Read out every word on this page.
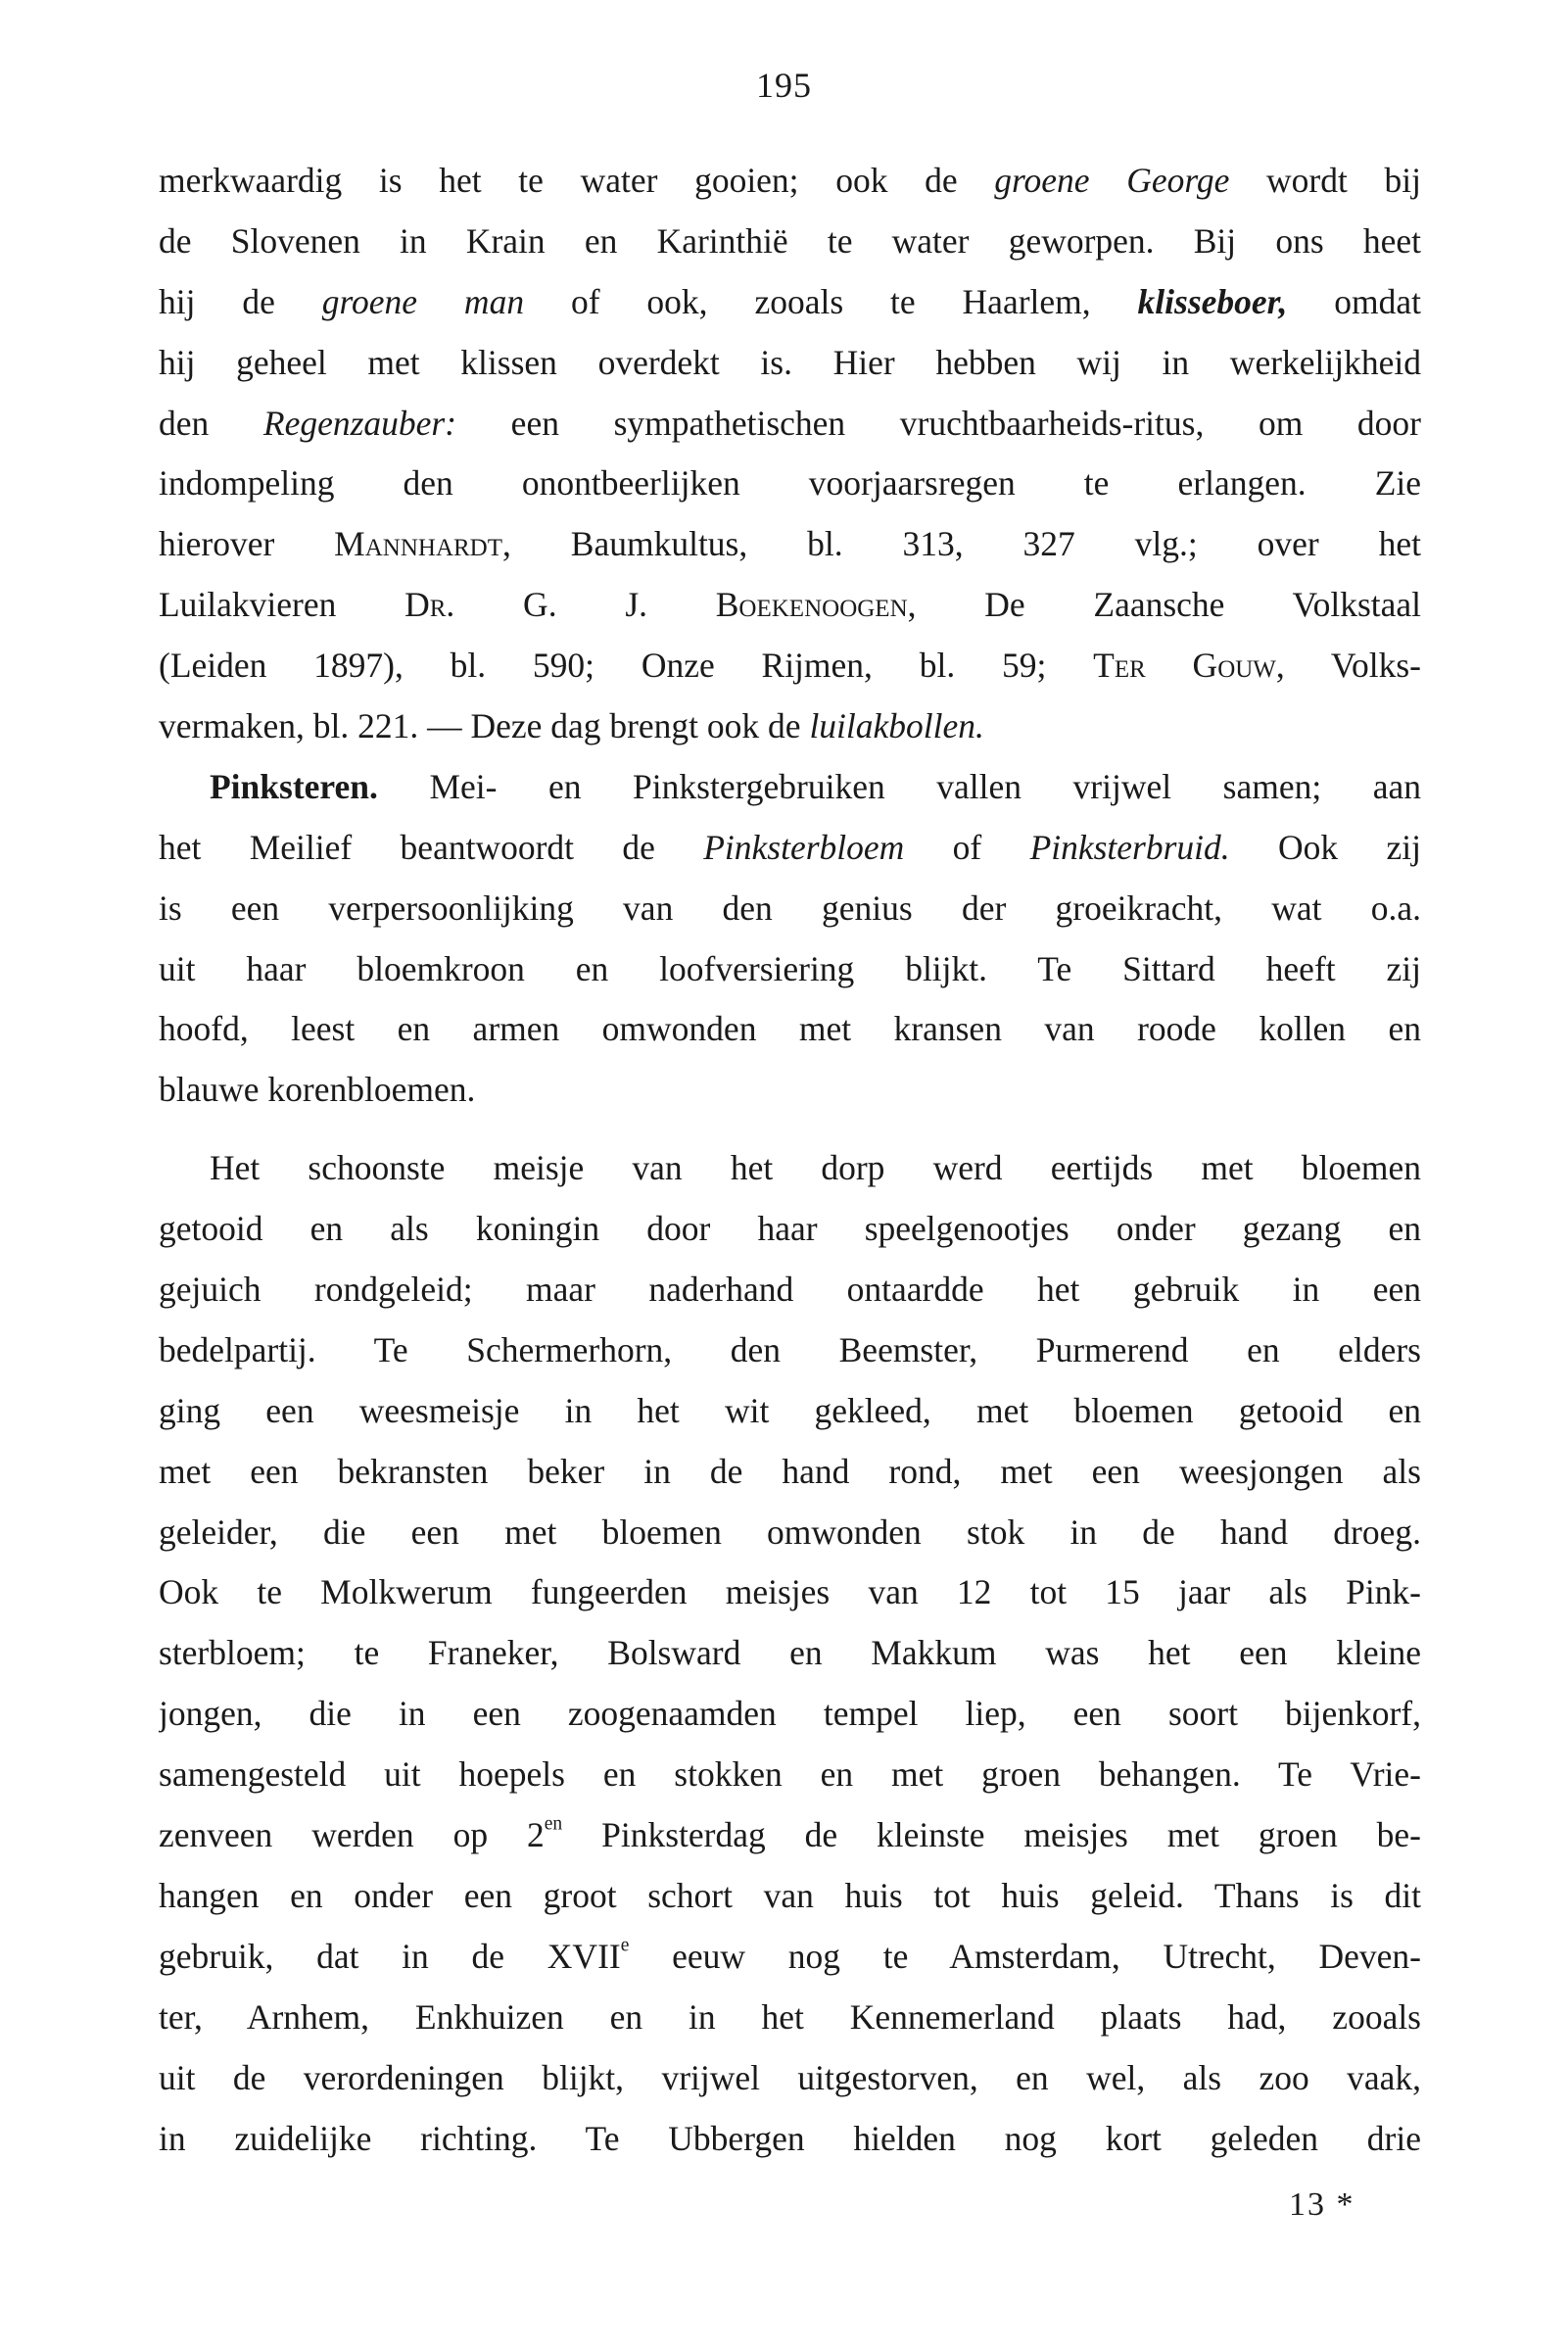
195
merkwaardig is het te water gooien; ook de groene George wordt bij
de Slovenen in Krain en Karinthië te water geworpen. Bij ons heet
hij de groene man of ook, zooals te Haarlem, klisseboer, omdat
hij geheel met klissen overdekt is. Hier hebben wij in werkelijkheid
den Regenzauber: een sympathetischen vruchtbaarheids-ritus, om door
indompeling den onontbeerlijken voorjaarsregen te erlangen. Zie
hierover Mannhardt, Baumkultus, bl. 313, 327 vlg.; over het
Luilakvieren Dr. G. J. Boekenoogen, De Zaansche Volkstaal
(Leiden 1897), bl. 590; Onze Rijmen, bl. 59; Ter Gouw, Volks-
vermaken, bl. 221. — Deze dag brengt ook de luilakbollen.
Pinksteren. Mei- en Pinkstergebruiken vallen vrijwel samen; aan
het Meilief beantwoordt de Pinksterbloem of Pinksterbruid. Ook zij
is een verpersoonlijking van den genius der groeikracht, wat o.a.
uit haar bloemkroon en loofversiering blijkt. Te Sittard heeft zij
hoofd, leest en armen omwonden met kransen van roode kollen en
blauwe korenbloemen.
Het schoonste meisje van het dorp werd eertijds met bloemen
getooid en als koningin door haar speelgenootjes onder gezang en
gejuich rondgeleid; maar naderhand ontaardde het gebruik in een
bedelpartij. Te Schermerhorn, den Beemster, Purmerend en elders
ging een weesmeisje in het wit gekleed, met bloemen getooid en
met een bekransten beker in de hand rond, met een weesjongen als
geleider, die een met bloemen omwonden stok in de hand droeg.
Ook te Molkwerum fungeerden meisjes van 12 tot 15 jaar als Pink-
sterbloem; te Franeker, Bolsward en Makkum was het een kleine
jongen, die in een zoogenaamden tempel liep, een soort bijenkorf,
samengesteld uit hoepels en stokken en met groen behangen. Te Vrie-
zenveen werden op $2^{en}$ Pinksterdag de kleinste meisjes met groen be-
hangen en onder een groot schort van huis tot huis geleid. Thans is dit
gebruik, dat in de XVIIe eeuw nog te Amsterdam, Utrecht, Deven-
ter, Arnhem, Enkhuizen en in het Kennemerland plaats had, zooals
uit de verordeningen blijkt, vrijwel uitgestorven, en wel, als zoo vaak,
in zuidelijke richting. Te Ubbergen hielden nog kort geleden drie
13 *
